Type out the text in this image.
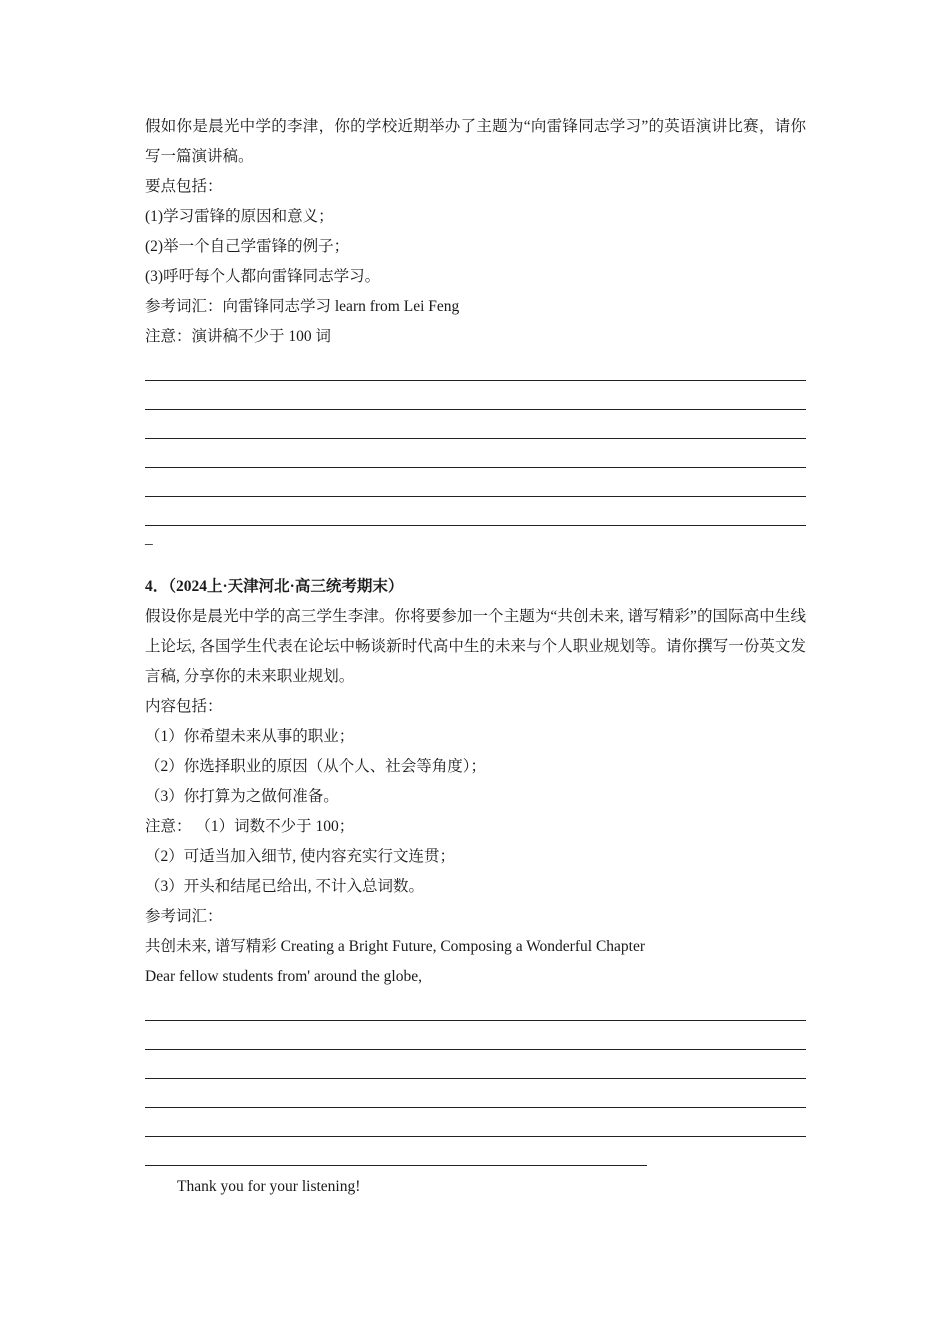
假如你是晨光中学的李津，你的学校近期举办了主题为“向雷锋同志学习”的英语演讲比赛，请你写一篇演讲稿。
要点包括：
(1)学习雷锋的原因和意义；
(2)举一个自己学雷锋的例子；
(3)呼吁每个人都向雷锋同志学习。
参考词汇：向雷锋同志学习 learn from Lei Feng
注意：演讲稿不少于 100 词
_
4．（2024上·天津河北·高三统考期末）
假设你是晨光中学的高三学生李津。你将要参加一个主题为“共创未来, 谱写精彩”的国际高中生线上论坛, 各国学生代表在论坛中畅谈新时代高中生的未来与个人职业规划等。请你撰写一份英文发言稿, 分享你的未来职业规划。
内容包括：
（1）你希望未来从事的职业；
（2）你选择职业的原因（从个人、社会等角度）；
（3）你打算为之做何准备。
注意： （1）词数不少于 100；
（2）可适当加入细节, 使内容充实行文连贯；
（3）开头和结尾已给出, 不计入总词数。
参考词汇：
共创未来, 谱写精彩 Creating a Bright Future, Composing a Wonderful Chapter
Dear fellow students from' around the globe,
Thank you for your listening!
